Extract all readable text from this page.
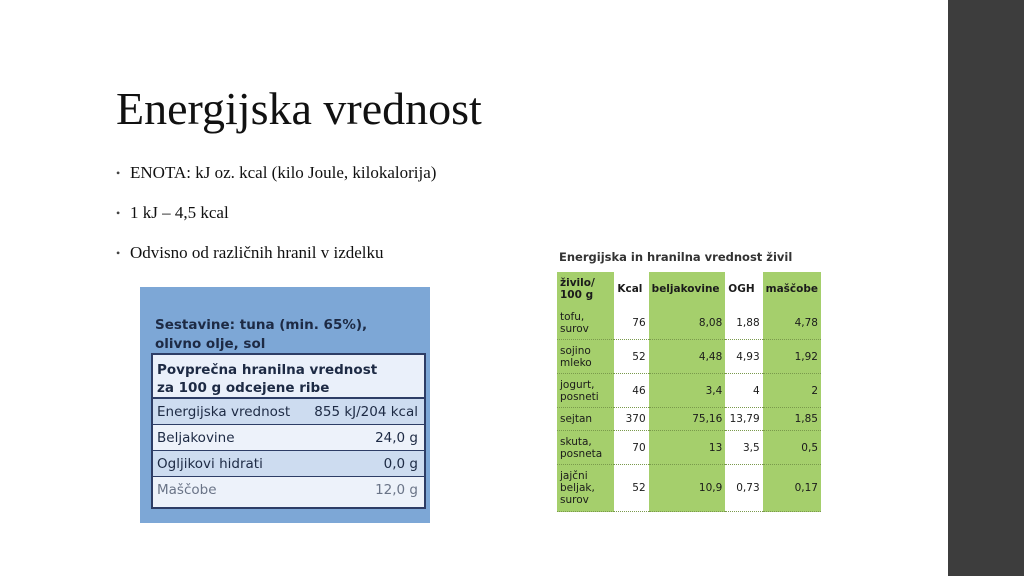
Energijska vrednost
• ENOTA: kJ oz. kcal (kilo Joule, kilokalorija)
• 1 kJ – 4,5 kcal
• Odvisno od različnih hranil v izdelku
Sestavine: tuna (min. 65%),
olivno olje, sol
Povprečna hranilna vrednost
za 100 g odcejene ribe
Energijska vrednost 855 kJ/204 kcal
Beljakovine	24,0 g
Ogljikovi hidrati	0,0 g
Maščobe	12,0 g
Energijska in hranilna vrednost živil
živilo/
100 g	Kcal	beljakovine	OGH	maščobe

tofu,
surov	76	8,08	1,88	4,78

sojino
mleko	52	4,48	4,93	1,92

jogurt,
posneti	46	3,4	4	2

sejtan	370	75,16	13,79	1,85

skuta,
posneta	70	13	3,5	0,5

jajčni
beljak,
surov	52	10,9	0,73	0,17
